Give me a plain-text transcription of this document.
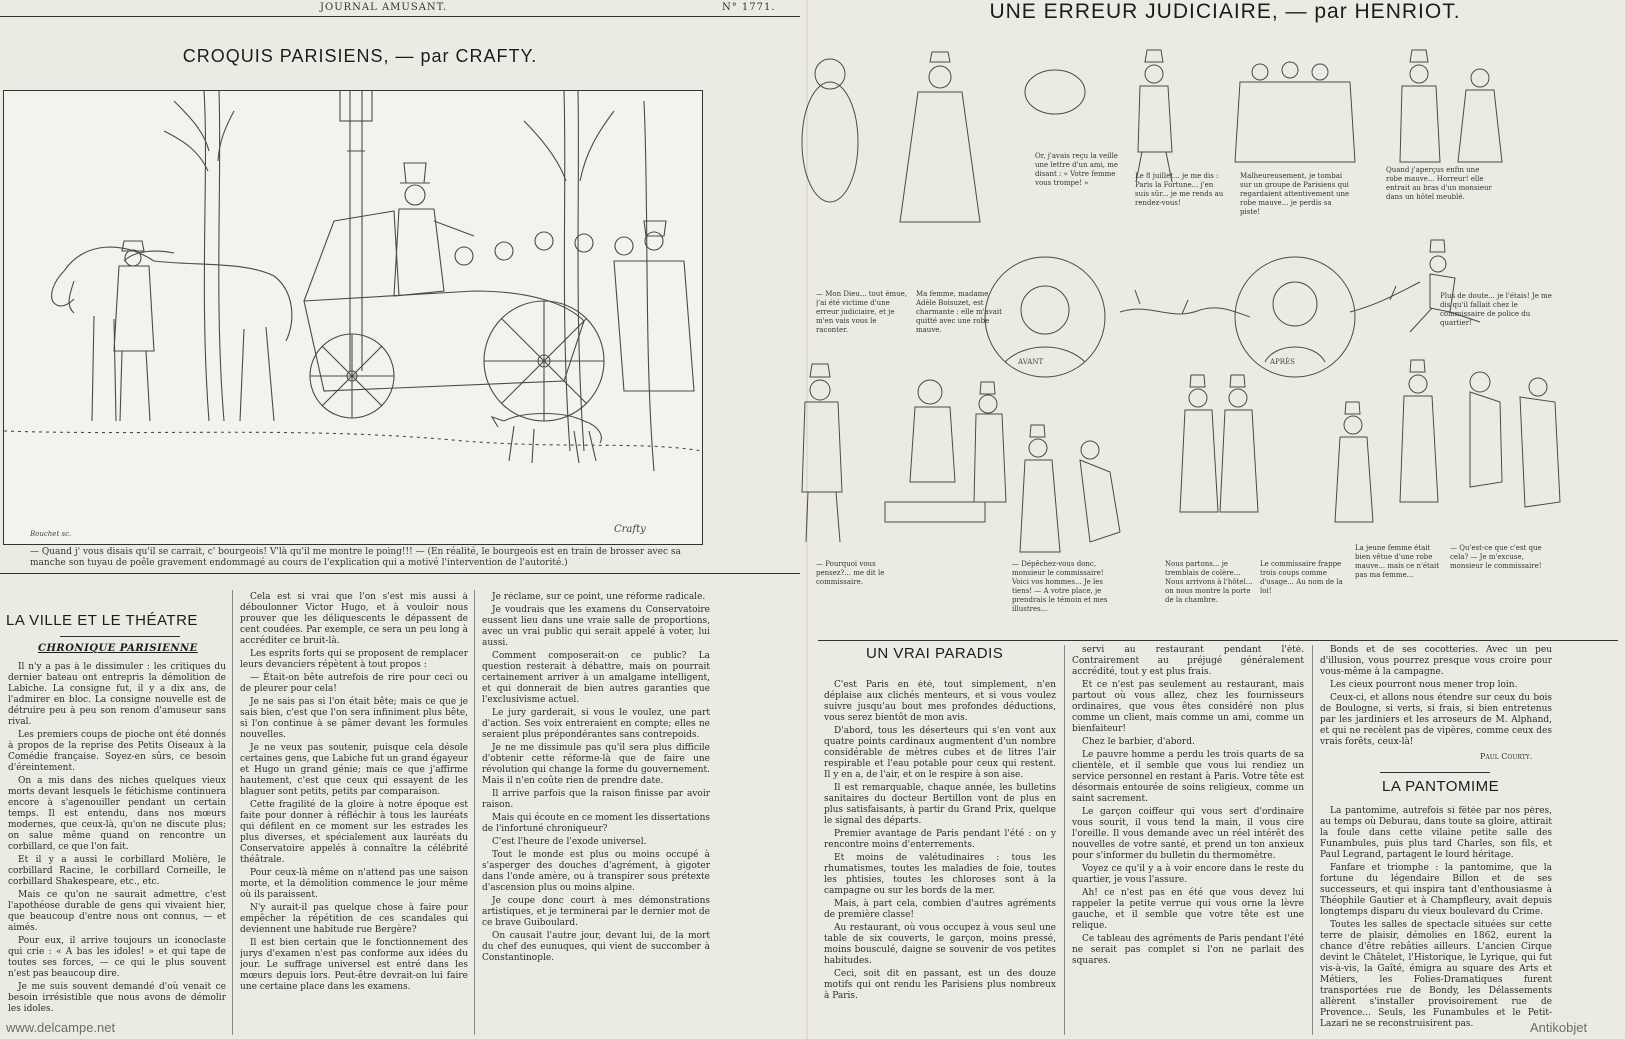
JOURNAL AMUSANT.	N° 1771.
CROQUIS PARISIENS, — par CRAFTY.
Crafty
Bouchet sc.
— Quand j' vous disais qu'il se carrait, c' bourgeois! V'là qu'il me montre le poing!!! — (En réalité, le bourgeois est en train de brosser avec sa manche son tuyau de poêle gravement endommagé au cours de l'explication qui a motivé l'intervention de l'autorité.)
LA VILLE ET LE THÉATRE
CHRONIQUE PARISIENNE

Il n'y a pas à le dissimuler : les critiques du dernier bateau ont entrepris la démolition de Labiche. La consigne fut, il y a dix ans, de l'admirer en bloc. La consigne nouvelle est de détruire peu à peu son renom d'amuseur sans rival.

Les premiers coups de pioche ont été donnés à propos de la reprise des Petits Oiseaux à la Comédie française. Soyez-en sûrs, ce besoin d'éreintement.

On a mis dans des niches quelques vieux morts devant lesquels le fétichisme continuera encore à s'agenouiller pendant un certain temps. Il est entendu, dans nos mœurs modernes, que ceux-là, qu'on ne discute plus; on salue même quand on rencontre un corbillard, ce que l'on fait.

Et il y a aussi le corbillard Molière, le corbillard Racine, le corbillard Corneille, le corbillard Shakespeare, etc., etc.

Mais ce qu'on ne saurait admettre, c'est l'apothéose durable de gens qui vivaient hier, que beaucoup d'entre nous ont connus, — et aimés.

Pour eux, il arrive toujours un iconoclaste qui crie : « A bas les idoles! » et qui tape de toutes ses forces, — ce qui le plus souvent n'est pas beaucoup dire.

Je me suis souvent demandé d'où venait ce besoin irrésistible que nous avons de démolir les idoles.

Cela est si vrai que l'on s'est mis aussi à déboulonner Victor Hugo, et à vouloir nous prouver que les déliquescents le dépassent de cent coudées. Par exemple, ce sera un peu long à accréditer ce bruit-là.

Les esprits forts qui se proposent de remplacer leurs devanciers répètent à tout propos :

— Était-on bête autrefois de rire pour ceci ou de pleurer pour cela!

Je ne sais pas si l'on était bête; mais ce que je sais bien, c'est que l'on sera infiniment plus bête, si l'on continue à se pâmer devant les formules nouvelles.

Je ne veux pas soutenir, puisque cela désole certaines gens, que Labiche fut un grand égayeur et Hugo un grand génie; mais ce que j'affirme hautement, c'est que ceux qui essayent de les blaguer sont petits, petits par comparaison.

Cette fragilité de la gloire à notre époque est faite pour donner à réfléchir à tous les lauréats qui défilent en ce moment sur les estrades les plus diverses, et spécialement aux lauréats du Conservatoire appelés à connaître la célébrité théâtrale.

Pour ceux-là même on n'attend pas une saison morte, et la démolition commence le jour même où ils paraissent.

N'y aurait-il pas quelque chose à faire pour empêcher la répétition de ces scandales qui deviennent une habitude rue Bergère?

Il est bien certain que le fonctionnement des jurys d'examen n'est pas conforme aux idées du jour. Le suffrage universel est entré dans les mœurs depuis lors. Peut-être devrait-on lui faire une certaine place dans les examens.

Je réclame, sur ce point, une réforme radicale.

Je voudrais que les examens du Conservatoire eussent lieu dans une vraie salle de proportions, avec un vrai public qui serait appelé à voter, lui aussi.

Comment composerait-on ce public? La question resterait à débattre, mais on pourrait certainement arriver à un amalgame intelligent, et qui donnerait de bien autres garanties que l'exclusivisme actuel.

Le jury garderait, si vous le voulez, une part d'action. Ses voix entreraient en compte; elles ne seraient plus prépondérantes sans contrepoids.

Je ne me dissimule pas qu'il sera plus difficile d'obtenir cette réforme-là que de faire une révolution qui change la forme du gouvernement. Mais il n'en coûte rien de prendre date.

Il arrive parfois que la raison finisse par avoir raison.

Mais qui écoute en ce moment les dissertations de l'infortuné chroniqueur?

C'est l'heure de l'exode universel.

Tout le monde est plus ou moins occupé à s'asperger des douches d'agrément, à gigoter dans l'onde amère, ou à transpirer sous prétexte d'ascension plus ou moins alpine.

Je coupe donc court à mes démonstrations artistiques, et je terminerai par le dernier mot de ce brave Guiboulard.

On causait l'autre jour, devant lui, de la mort du chef des eunuques, qui vient de succomber à Constantinople.

UNE ERREUR JUDICIAIRE, — par HENRIOT.
AVANT	APRÈS
— Mon Dieu... tout émue, j'ai été victime d'une erreur judiciaire, et je m'en vais vous le raconter.
Ma femme, madame Adèle Boisuzet, est charmante : elle m'avait quitté avec une robe mauve.
Or, j'avais reçu la veille une lettre d'un ami, me disant : « Votre femme vous trompe! »
Le 8 juillet... je me dis : Paris la Fortune... j'en suis sûr... je me rends au rendez-vous!
Malheureusement, je tombai sur un groupe de Parisiens qui regardaient attentivement une robe mauve... je perdis sa piste!
Quand j'aperçus enfin une robe mauve... Horreur! elle entrait au bras d'un monsieur dans un hôtel meublé.
Plus de doute... je l'étais! Je me dis qu'il fallait chez le commissaire de police du quartier!
— Pourquoi vous pensez?... me dit le commissaire.
— Dépêchez-vous donc, monsieur le commissaire! Voici vos hommes... Je les tiens! — A votre place, je prendrais le témoin et mes illustres...
Nous partons... je tremblais de colère... Nous arrivons à l'hôtel... on nous montre la porte de la chambre.
Le commissaire frappe trois coups comme d'usage... Au nom de la loi!
La jeune femme était bien vêtue d'une robe mauve... mais ce n'était pas ma femme...
— Qu'est-ce que c'est que cela? — Je m'excuse, monsieur le commissaire!
UN VRAI PARADIS

C'est Paris en été, tout simplement, n'en déplaise aux clichés menteurs, et si vous voulez suivre jusqu'au bout mes profondes déductions, vous serez bientôt de mon avis.

D'abord, tous les déserteurs qui s'en vont aux quatre points cardinaux augmentent d'un nombre considérable de mètres cubes et de litres l'air respirable et l'eau potable pour ceux qui restent. Il y en a, de l'air, et on le respire à son aise.

Il est remarquable, chaque année, les bulletins sanitaires du docteur Bertillon vont de plus en plus satisfaisants, à partir du Grand Prix, quelque le signal des départs.

Premier avantage de Paris pendant l'été : on y rencontre moins d'enterrements.

Et moins de valétudinaires : tous les rhumatismes, toutes les maladies de foie, toutes les phtisies, toutes les chloroses sont à la campagne ou sur les bords de la mer.

Mais, à part cela, combien d'autres agréments de première classe!

Au restaurant, où vous occupez à vous seul une table de six couverts, le garçon, moins pressé, moins bousculé, daigne se souvenir de vos petites habitudes.

Ceci, soit dit en passant, est un des douze motifs qui ont rendu les Parisiens plus nombreux à Paris.

servi au restaurant pendant l'été. Contrairement au préjugé généralement accrédité, tout y est plus frais.

Et ce n'est pas seulement au restaurant, mais partout où vous allez, chez les fournisseurs ordinaires, que vous êtes considéré non plus comme un client, mais comme un ami, comme un bienfaiteur!

Chez le barbier, d'abord.

Le pauvre homme a perdu les trois quarts de sa clientèle, et il semble que vous lui rendiez un service personnel en restant à Paris. Votre tête est désormais entourée de soins religieux, comme un saint sacrement.

Le garçon coiffeur qui vous sert d'ordinaire vous sourit, il vous tend la main, il vous cire l'oreille. Il vous demande avec un réel intérêt des nouvelles de votre santé, et prend un ton anxieux pour s'informer du bulletin du thermomètre.

Voyez ce qu'il y a à voir encore dans le reste du quartier, je vous l'assure.

Ah! ce n'est pas en été que vous devez lui rappeler la petite verrue qui vous orne la lèvre gauche, et il semble que votre tête est une relique.

Ce tableau des agréments de Paris pendant l'été ne serait pas complet si l'on ne parlait des squares.

Bonds et de ses cocotteries. Avec un peu d'illusion, vous pourrez presque vous croire pour vous-même à la campagne.

Les cieux pourront nous mener trop loin.

Ceux-ci, et allons nous étendre sur ceux du bois de Boulogne, si verts, si frais, si bien entretenus par les jardiniers et les arroseurs de M. Alphand, et qui ne recèlent pas de vipères, comme ceux des vrais forêts, ceux-là!

Paul Courty.
LA PANTOMIME

La pantomime, autrefois si fêtée par nos pères, au temps où Deburau, dans toute sa gloire, attirait la foule dans cette vilaine petite salle des Funambules, puis plus tard Charles, son fils, et Paul Legrand, partagent le lourd héritage.

Fanfare et triomphe : la pantomime, que la fortune du légendaire Billon et de ses successeurs, et qui inspira tant d'enthousiasme à Théophile Gautier et à Champfleury, avait depuis longtemps disparu du vieux boulevard du Crime.

Toutes les salles de spectacle situées sur cette terre de plaisir, démolies en 1862, eurent la chance d'être rebâties ailleurs. L'ancien Cirque devint le Châtelet, l'Historique, le Lyrique, qui fut vis-à-vis, la Gaîté, émigra au square des Arts et Métiers, les Folies-Dramatiques furent transportées rue de Bondy, les Délassements allèrent s'installer provisoirement rue de Provence... Seuls, les Funambules et le Petit-Lazari ne se reconstruisirent pas.

www.delcampe.net	Antikobjet
